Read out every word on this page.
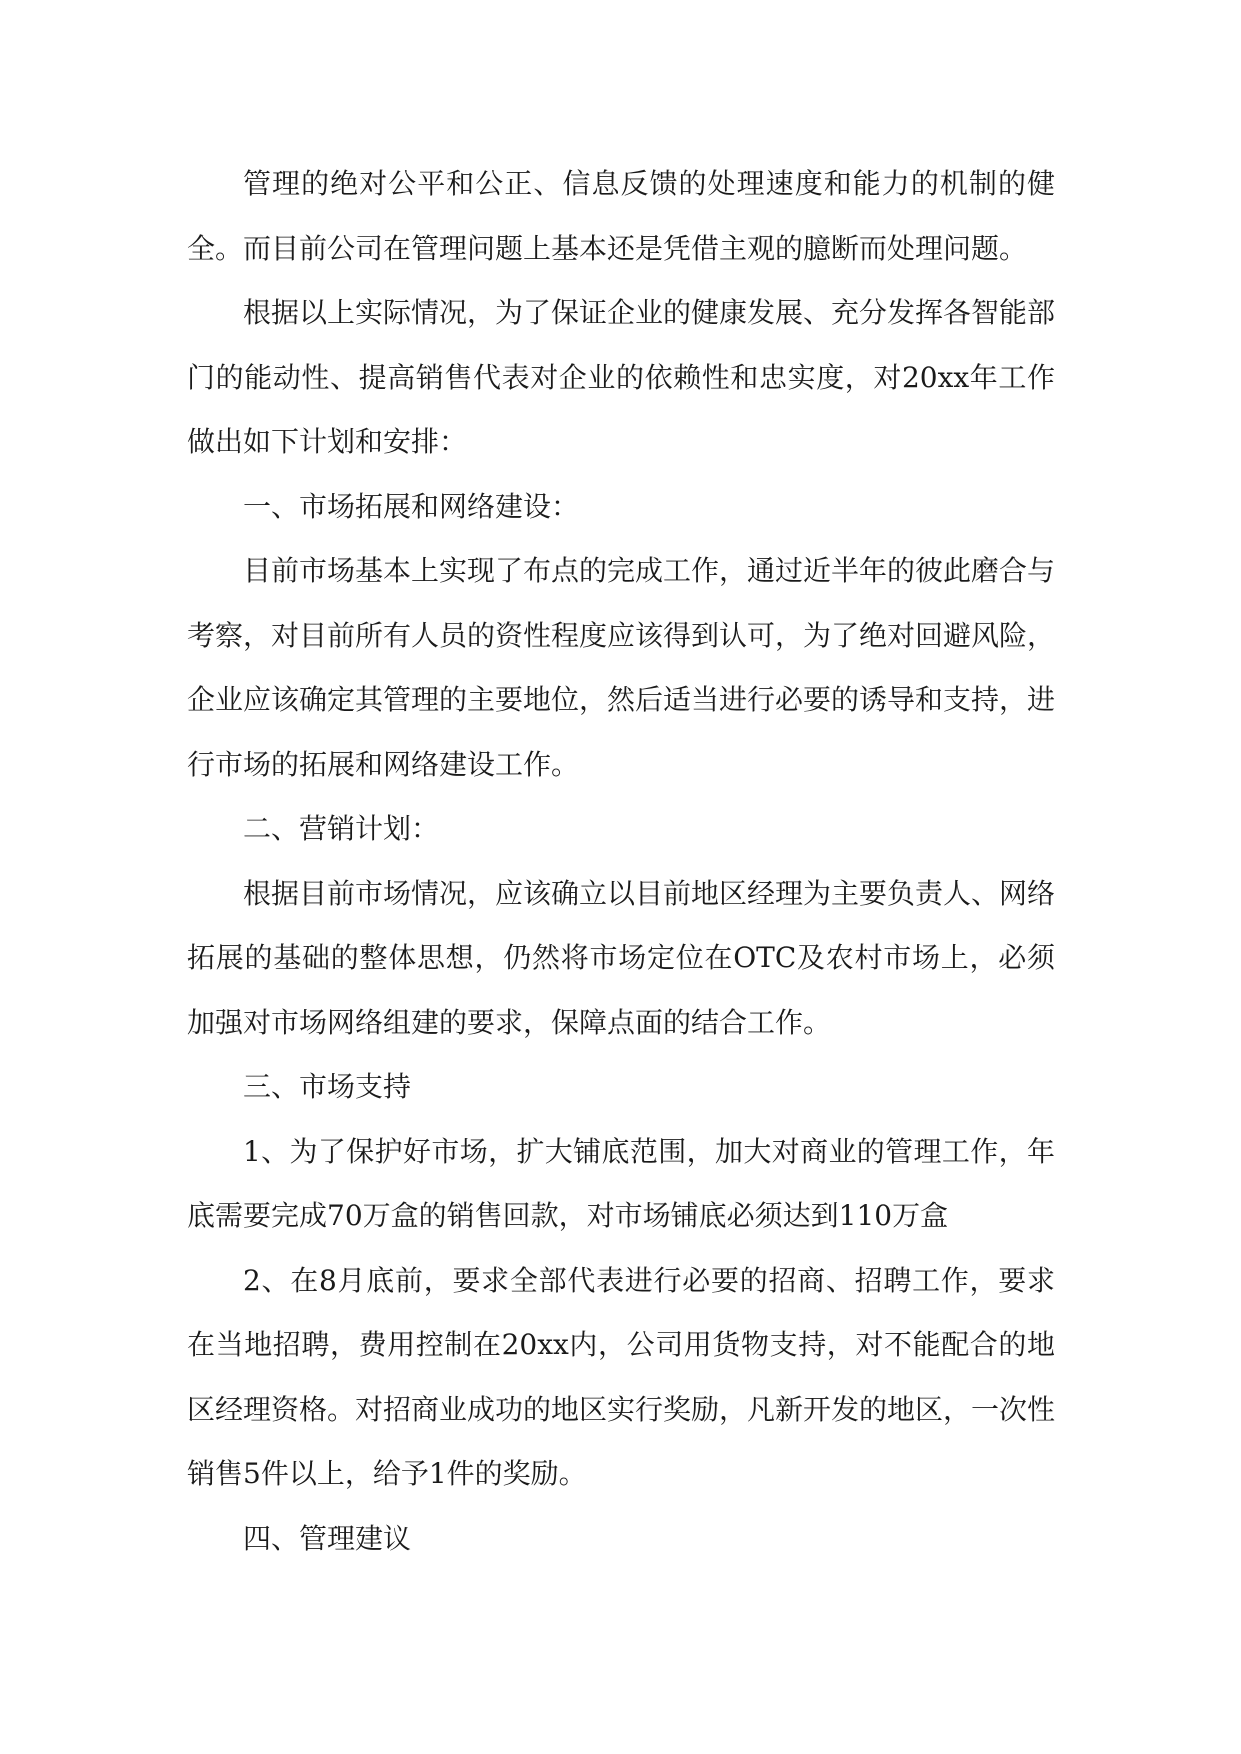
管理的绝对公平和公正、信息反馈的处理速度和能力的机制的健全。而目前公司在管理问题上基本还是凭借主观的臆断而处理问题。

根据以上实际情况，为了保证企业的健康发展、充分发挥各智能部门的能动性、提高销售代表对企业的依赖性和忠实度，对20xx年工作做出如下计划和安排：

一、市场拓展和网络建设：

目前市场基本上实现了布点的完成工作，通过近半年的彼此磨合与考察，对目前所有人员的资性程度应该得到认可，为了绝对回避风险，企业应该确定其管理的主要地位，然后适当进行必要的诱导和支持，进行市场的拓展和网络建设工作。

二、营销计划：

根据目前市场情况，应该确立以目前地区经理为主要负责人、网络拓展的基础的整体思想，仍然将市场定位在OTC及农村市场上，必须加强对市场网络组建的要求，保障点面的结合工作。

三、市场支持

1、为了保护好市场，扩大铺底范围，加大对商业的管理工作，年底需要完成70万盒的销售回款，对市场铺底必须达到110万盒

2、在8月底前，要求全部代表进行必要的招商、招聘工作，要求在当地招聘，费用控制在20xx内，公司用货物支持，对不能配合的地区经理资格。对招商业成功的地区实行奖励，凡新开发的地区，一次性销售5件以上，给予1件的奖励。

四、管理建议
